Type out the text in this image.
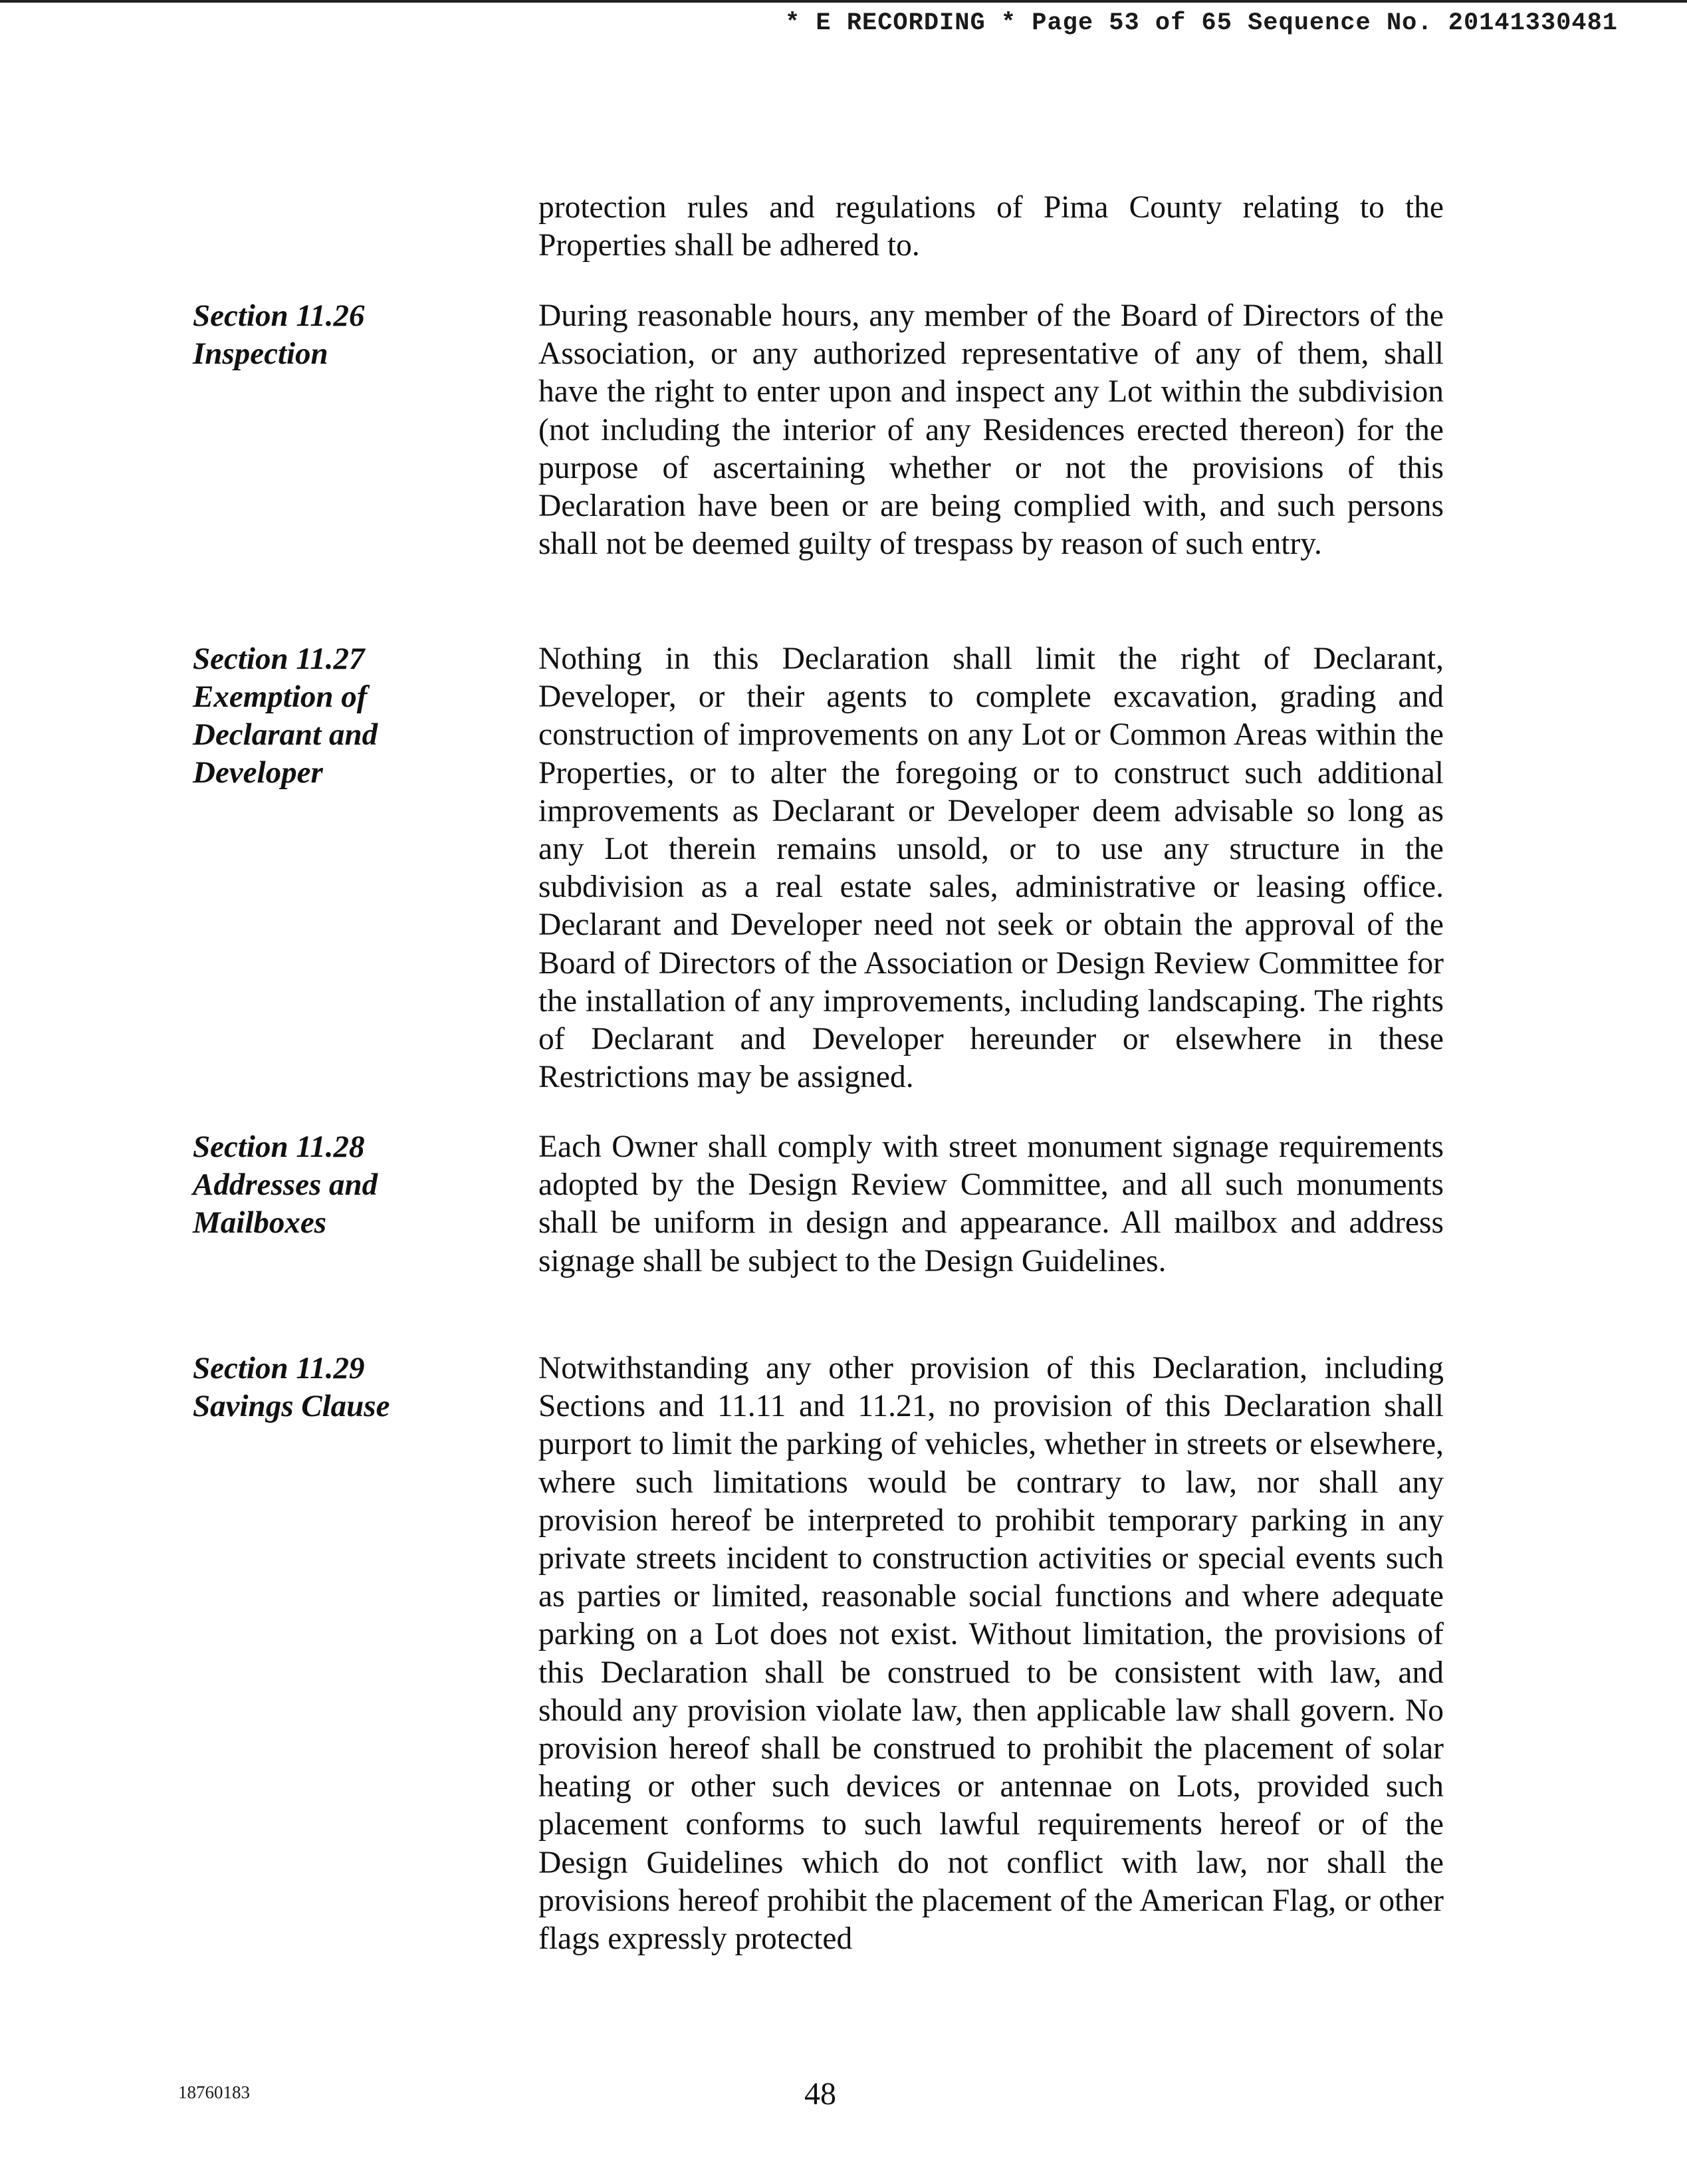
* E RECORDING * Page 53 of 65 Sequence No. 20141330481

protection rules and regulations of Pima County relating to the Properties shall be adhered to.

Section 11.26
Inspection

During reasonable hours, any member of the Board of Directors of the Association, or any authorized representative of any of them, shall have the right to enter upon and inspect any Lot within the subdivision (not including the interior of any Residences erected thereon) for the purpose of ascertaining whether or not the provisions of this Declaration have been or are being complied with, and such persons shall not be deemed guilty of trespass by reason of such entry.

Section 11.27
Exemption of
Declarant and
Developer

Nothing in this Declaration shall limit the right of Declarant, Developer, or their agents to complete excavation, grading and construction of improvements on any Lot or Common Areas within the Properties, or to alter the foregoing or to construct such additional improvements as Declarant or Developer deem advisable so long as any Lot therein remains unsold, or to use any structure in the subdivision as a real estate sales, administrative or leasing office. Declarant and Developer need not seek or obtain the approval of the Board of Directors of the Association or Design Review Committee for the installation of any improvements, including landscaping. The rights of Declarant and Developer hereunder or elsewhere in these Restrictions may be assigned.

Section 11.28
Addresses and
Mailboxes

Each Owner shall comply with street monument signage requirements adopted by the Design Review Committee, and all such monuments shall be uniform in design and appearance. All mailbox and address signage shall be subject to the Design Guidelines.

Section 11.29
Savings Clause

Notwithstanding any other provision of this Declaration, including Sections and 11.11 and 11.21, no provision of this Declaration shall purport to limit the parking of vehicles, whether in streets or elsewhere, where such limitations would be contrary to law, nor shall any provision hereof be interpreted to prohibit temporary parking in any private streets incident to construction activities or special events such as parties or limited, reasonable social functions and where adequate parking on a Lot does not exist. Without limitation, the provisions of this Declaration shall be construed to be consistent with law, and should any provision violate law, then applicable law shall govern. No provision hereof shall be construed to prohibit the placement of solar heating or other such devices or antennae on Lots, provided such placement conforms to such lawful requirements hereof or of the Design Guidelines which do not conflict with law, nor shall the provisions hereof prohibit the placement of the American Flag, or other flags expressly protected

18760183	48
